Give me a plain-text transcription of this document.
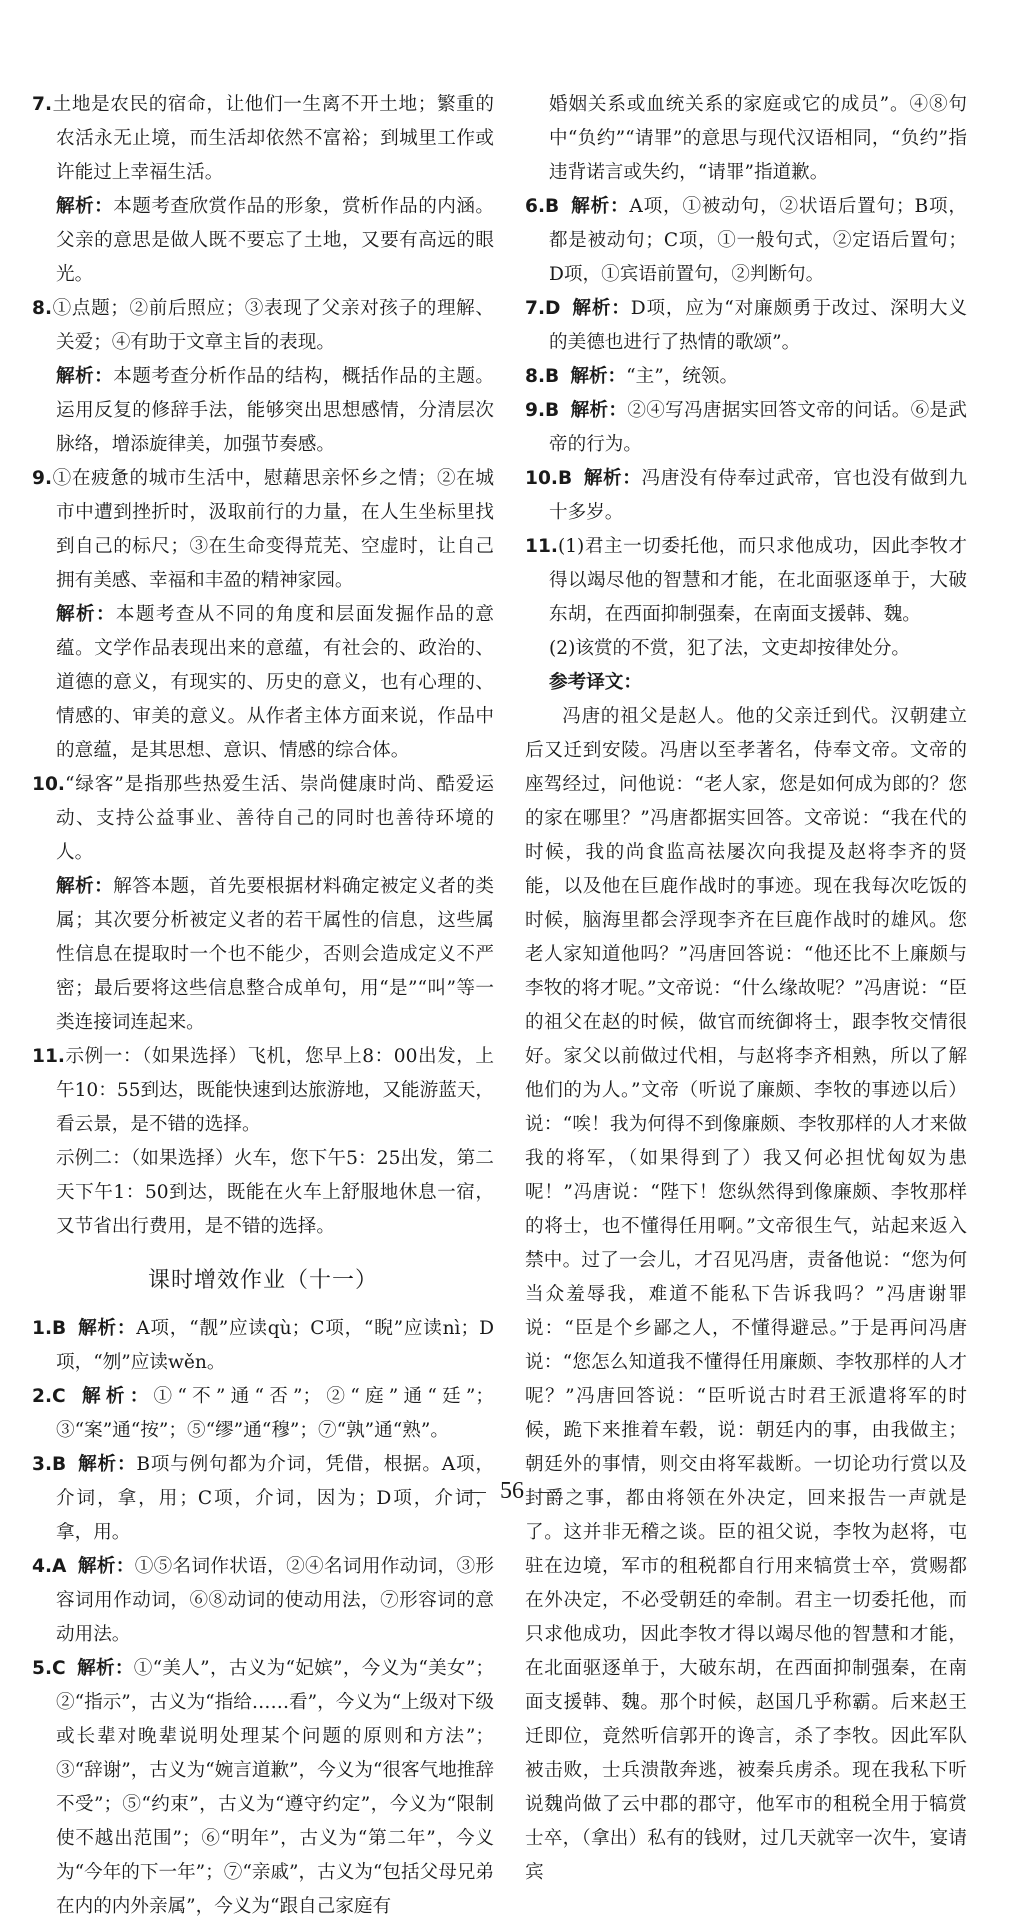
7.土地是农民的宿命，让他们一生离不开土地；繁重的农活永无止境，而生活却依然不富裕；到城里工作或许能过上幸福生活。

解析：本题考查欣赏作品的形象，赏析作品的内涵。父亲的意思是做人既不要忘了土地，又要有高远的眼光。

8.①点题；②前后照应；③表现了父亲对孩子的理解、关爱；④有助于文章主旨的表现。

解析：本题考查分析作品的结构，概括作品的主题。运用反复的修辞手法，能够突出思想感情，分清层次脉络，增添旋律美，加强节奏感。

9.①在疲惫的城市生活中，慰藉思亲怀乡之情；②在城市中遭到挫折时，汲取前行的力量，在人生坐标里找到自己的标尺；③在生命变得荒芜、空虚时，让自己拥有美感、幸福和丰盈的精神家园。

解析：本题考查从不同的角度和层面发掘作品的意蕴。文学作品表现出来的意蕴，有社会的、政治的、道德的意义，有现实的、历史的意义，也有心理的、情感的、审美的意义。从作者主体方面来说，作品中的意蕴，是其思想、意识、情感的综合体。

10.“绿客”是指那些热爱生活、崇尚健康时尚、酷爱运动、支持公益事业、善待自己的同时也善待环境的人。

解析：解答本题，首先要根据材料确定被定义者的类属；其次要分析被定义者的若干属性的信息，这些属性信息在提取时一个也不能少，否则会造成定义不严密；最后要将这些信息整合成单句，用“是”“叫”等一类连接词连起来。

11.示例一：（如果选择）飞机，您早上8：00出发，上午10：55到达，既能快速到达旅游地，又能游蓝天，看云景，是不错的选择。

示例二：（如果选择）火车，您下午5：25出发，第二天下午1：50到达，既能在火车上舒服地休息一宿，又节省出行费用，是不错的选择。

课时增效作业（十一）

1.B 解析：A项，“靓”应读qù；C项，“睨”应读nì；D项，“刎”应读wěn。

2.C 解析：①“不”通“否”；②“庭”通“廷”；③“案”通“按”；⑤“缪”通“穆”；⑦“孰”通“熟”。

3.B 解析：B项与例句都为介词，凭借，根据。A项，介词，拿，用；C项，介词，因为；D项，介词，拿，用。

4.A 解析：①⑤名词作状语，②④名词用作动词，③形容词用作动词，⑥⑧动词的使动用法，⑦形容词的意动用法。

5.C 解析：①“美人”，古义为“妃嫔”，今义为“美女”；②“指示”，古义为“指给……看”，今义为“上级对下级或长辈对晚辈说明处理某个问题的原则和方法”；③“辞谢”，古义为“婉言道歉”，今义为“很客气地推辞不受”；⑤“约束”，古义为“遵守约定”，今义为“限制使不越出范围”；⑥“明年”，古义为“第二年”，今义为“今年的下一年”；⑦“亲戚”，古义为“包括父母兄弟在内的内外亲属”，今义为“跟自己家庭有

婚姻关系或血统关系的家庭或它的成员”。④⑧句中“负约”“请罪”的意思与现代汉语相同，“负约”指违背诺言或失约，“请罪”指道歉。

6.B 解析：A项，①被动句，②状语后置句；B项，都是被动句；C项，①一般句式，②定语后置句；D项，①宾语前置句，②判断句。

7.D 解析：D项，应为“对廉颇勇于改过、深明大义的美德也进行了热情的歌颂”。

8.B 解析：“主”，统领。

9.B 解析：②④写冯唐据实回答文帝的问话。⑥是武帝的行为。

10.B 解析：冯唐没有侍奉过武帝，官也没有做到九十多岁。

11.(1)君主一切委托他，而只求他成功，因此李牧才得以竭尽他的智慧和才能，在北面驱逐单于，大破东胡，在西面抑制强秦，在南面支援韩、魏。

(2)该赏的不赏，犯了法，文吏却按律处分。

参考译文：

冯唐的祖父是赵人。他的父亲迁到代。汉朝建立后又迁到安陵。冯唐以至孝著名，侍奉文帝。文帝的座驾经过，问他说：“老人家，您是如何成为郎的？您的家在哪里？”冯唐都据实回答。文帝说：“我在代的时候，我的尚食监高祛屡次向我提及赵将李齐的贤能，以及他在巨鹿作战时的事迹。现在我每次吃饭的时候，脑海里都会浮现李齐在巨鹿作战时的雄风。您老人家知道他吗？”冯唐回答说：“他还比不上廉颇与李牧的将才呢。”文帝说：“什么缘故呢？”冯唐说：“臣的祖父在赵的时候，做官而统御将士，跟李牧交情很好。家父以前做过代相，与赵将李齐相熟，所以了解他们的为人。”文帝（听说了廉颇、李牧的事迹以后）说：“唉！我为何得不到像廉颇、李牧那样的人才来做我的将军，（如果得到了）我又何必担忧匈奴为患呢！”冯唐说：“陛下！您纵然得到像廉颇、李牧那样的将士，也不懂得任用啊。”文帝很生气，站起来返入禁中。过了一会儿，才召见冯唐，责备他说：“您为何当众羞辱我，难道不能私下告诉我吗？”冯唐谢罪说：“臣是个乡鄙之人，不懂得避忌。”于是再问冯唐说：“您怎么知道我不懂得任用廉颇、李牧那样的人才呢？”冯唐回答说：“臣听说古时君王派遣将军的时候，跪下来推着车毂，说：朝廷内的事，由我做主；朝廷外的事情，则交由将军裁断。一切论功行赏以及封爵之事，都由将领在外决定，回来报告一声就是了。这并非无稽之谈。臣的祖父说，李牧为赵将，屯驻在边境，军市的租税都自行用来犒赏士卒，赏赐都在外决定，不必受朝廷的牵制。君主一切委托他，而只求他成功，因此李牧才得以竭尽他的智慧和才能，在北面驱逐单于，大破东胡，在西面抑制强秦，在南面支援韩、魏。那个时候，赵国几乎称霸。后来赵王迁即位，竟然听信郭开的谗言，杀了李牧。因此军队被击败，士兵溃散奔逃，被秦兵虏杀。现在我私下听说魏尚做了云中郡的郡守，他军市的租税全用于犒赏士卒，（拿出）私有的钱财，过几天就宰一次牛，宴请宾

56
